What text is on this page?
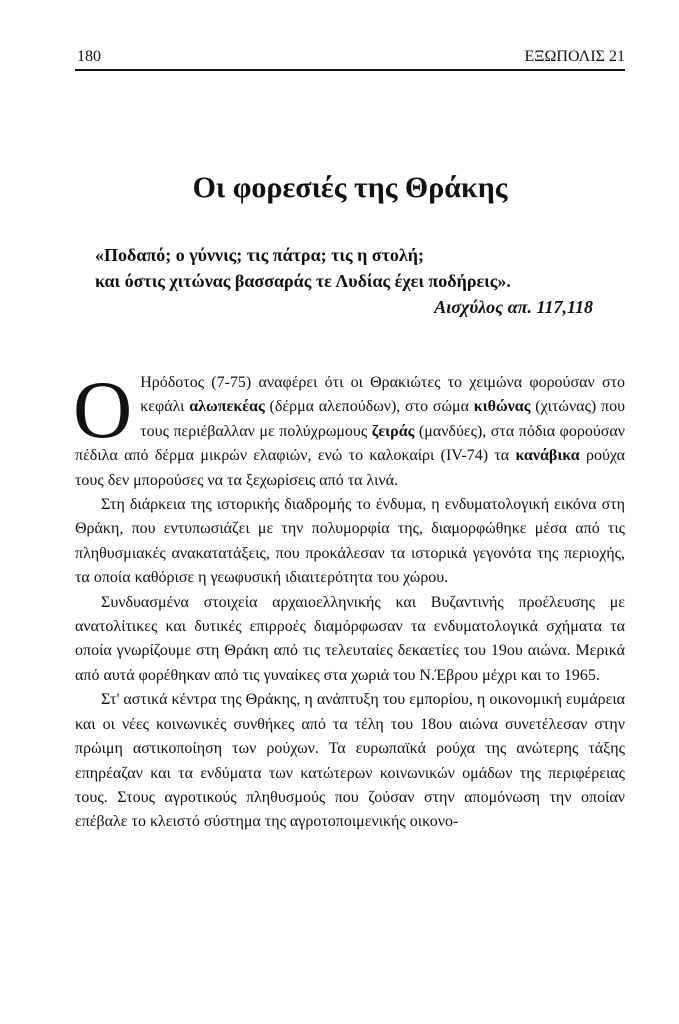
180	ΕΞΩΠΟΛΙΣ 21
Οι φορεσιές της Θράκης
«Ποδαπό; ο γύννις; τις πάτρα; τις η στολή;
και όστις χιτώνας βασσαράς τε Λυδίας έχει ποδήρεις».
Αισχύλος απ. 117,118

Ο Ηρόδοτος (7-75) αναφέρει ότι οι Θρακιώτες το χειμώνα φορούσαν στο κεφάλι αλωπεκέας (δέρμα αλεπούδων), στο σώμα κιθώνας (χιτώνας) που τους περιέβαλλαν με πολύχρωμους ζειράς (μανδύες), στα πόδια φορούσαν πέδιλα από δέρμα μικρών ελαφιών, ενώ το καλοκαίρι (IV-74) τα κανάβικα ρούχα τους δεν μπορούσες να τα ξεχωρίσεις από τα λινά.

Στη διάρκεια της ιστορικής διαδρομής το ένδυμα, η ενδυματολογική εικόνα στη Θράκη, που εντυπωσιάζει με την πολυμορφία της, διαμορφώθηκε μέσα από τις πληθυσμιακές ανακατατάξεις, που προκάλεσαν τα ιστορικά γεγονότα της περιοχής, τα οποία καθόρισε η γεωφυσική ιδιαιτερότητα του χώρου.

Συνδυασμένα στοιχεία αρχαιοελληνικής και Βυζαντινής προέλευσης με ανατολίτικες και δυτικές επιρροές διαμόρφωσαν τα ενδυματολογικά σχήματα τα οποία γνωρίζουμε στη Θράκη από τις τελευταίες δεκαετίες του 19ου αιώνα. Μερικά από αυτά φορέθηκαν από τις γυναίκες στα χωριά του Ν.Έβρου μέχρι και το 1965.

Στ' αστικά κέντρα της Θράκης, η ανάπτυξη του εμπορίου, η οικονομική ευμάρεια και οι νέες κοινωνικές συνθήκες από τα τέλη του 18ου αιώνα συνετέλεσαν στην πρώιμη αστικοποίηση των ρούχων. Τα ευρωπαϊκά ρούχα της ανώτερης τάξης επηρέαζαν και τα ενδύματα των κατώτερων κοινωνικών ομάδων της περιφέρειας τους. Στους αγροτικούς πληθυσμούς που ζούσαν στην απομόνωση την οποίαν επέβαλε το κλειστό σύστημα της αγροτοποιμενικής οικονο-
